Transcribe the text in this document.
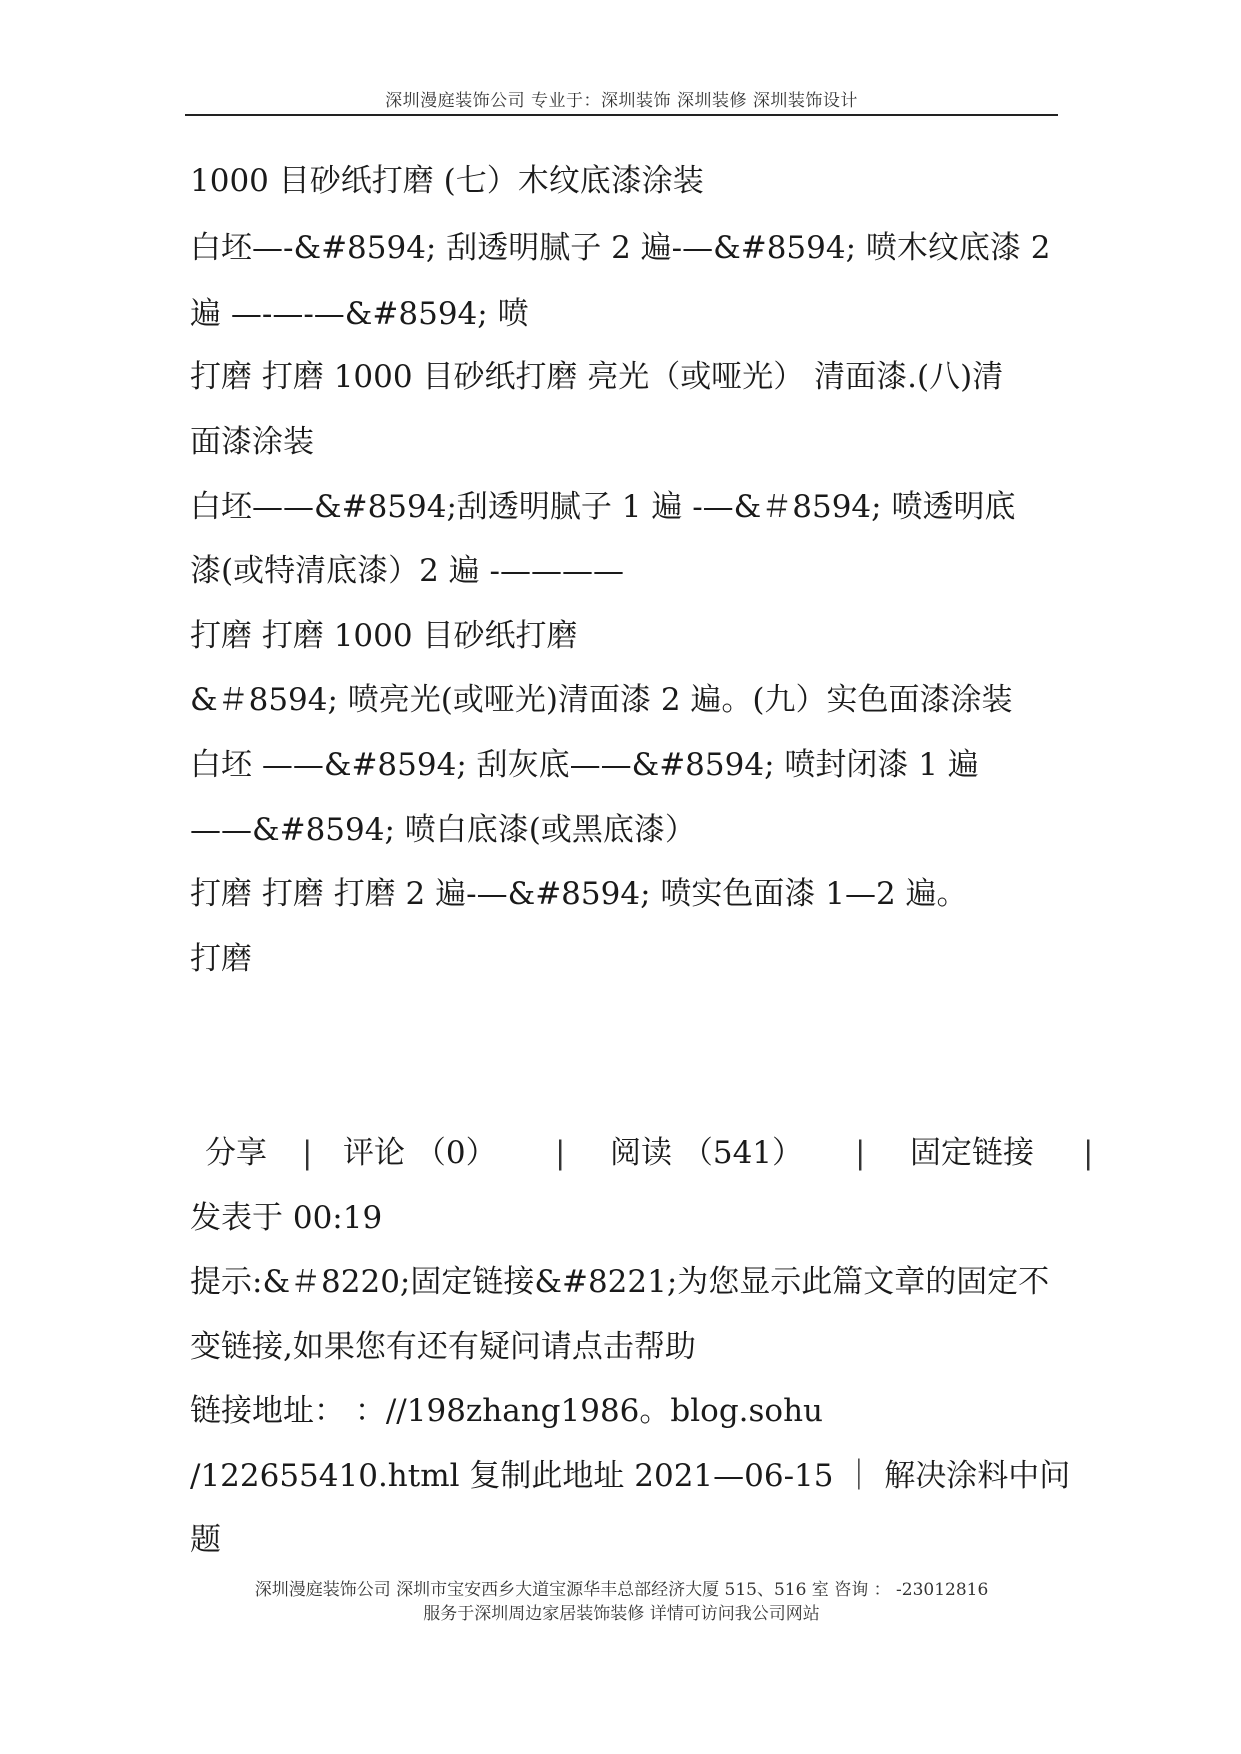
深圳漫庭装饰公司 专业于：深圳装饰 深圳装修 深圳装饰设计
1000 目砂纸打磨 (七）木纹底漆涂装
白坯—-&#8594; 刮透明腻子 2 遍-—&#8594; 喷木纹底漆 2
遍 —-—-—&#8594; 喷
打磨 打磨 1000 目砂纸打磨 亮光（或哑光） 清面漆.(八)清
面漆涂装
白坯——&#8594;刮透明腻子 1 遍 -—&＃8594; 喷透明底
漆(或特清底漆）2 遍 -————
打磨 打磨 1000 目砂纸打磨
&＃8594; 喷亮光(或哑光)清面漆 2 遍。(九）实色面漆涂装
白坯 ——&#8594; 刮灰底——&#8594; 喷封闭漆 1 遍
——&#8594; 喷白底漆(或黑底漆）
打磨 打磨 打磨 2 遍-—&#8594; 喷实色面漆 1—2 遍。
打磨
分享 | 评论 （0） | 阅读 （541） | 固定链接 |
发表于 00:19
提示:&＃8220;固定链接&#8221;为您显示此篇文章的固定不
变链接,如果您有还有疑问请点击帮助
链接地址： ：//198zhang1986。blog.sohu
/122655410.html 复制此地址 2021—06-15 ｜ 解决涂料中问
题
深圳漫庭装饰公司 深圳市宝安西乡大道宝源华丰总部经济大厦 515、516 室 咨询 ： -23012816
服务于深圳周边家居装饰装修 详情可访问我公司网站
